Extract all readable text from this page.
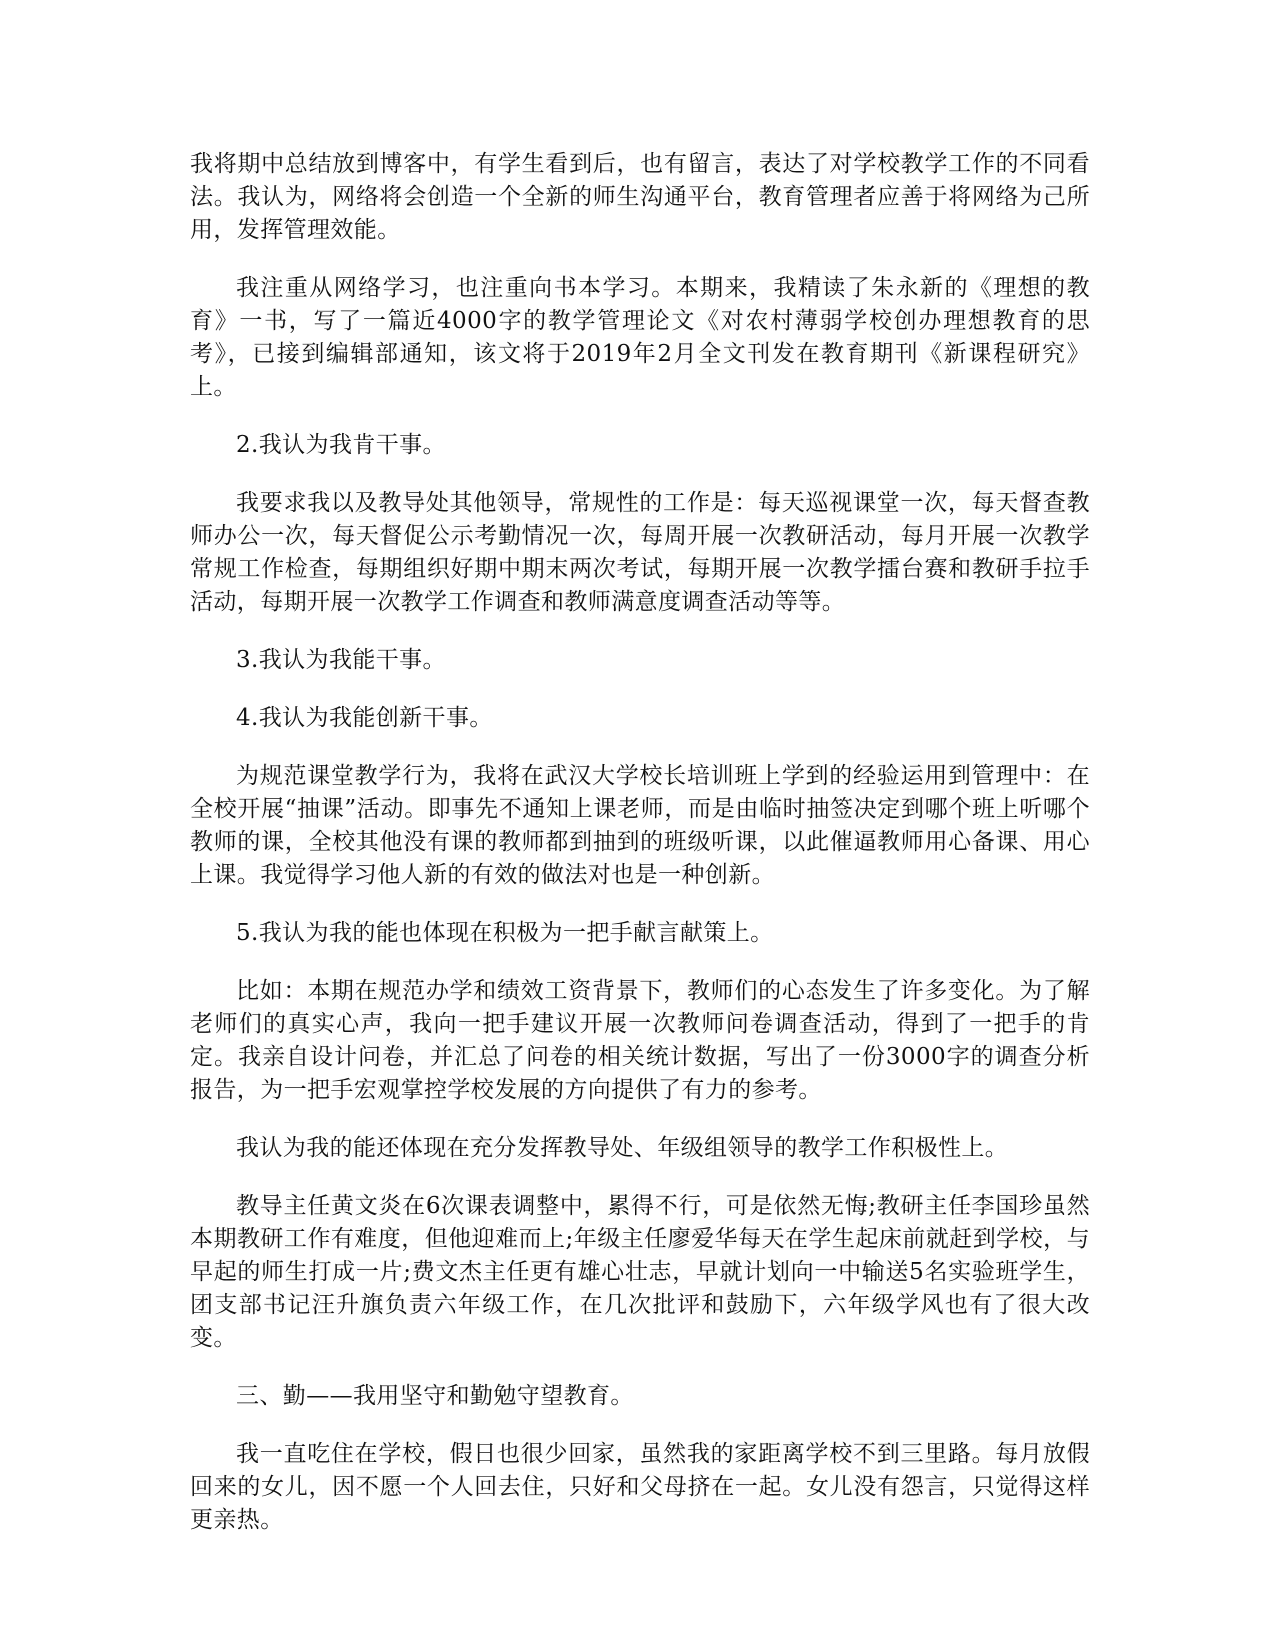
我将期中总结放到博客中，有学生看到后，也有留言，表达了对学校教学工作的不同看法。我认为，网络将会创造一个全新的师生沟通平台，教育管理者应善于将网络为己所用，发挥管理效能。

我注重从网络学习，也注重向书本学习。本期来，我精读了朱永新的《理想的教育》一书，写了一篇近4000字的教学管理论文《对农村薄弱学校创办理想教育的思考》，已接到编辑部通知，该文将于2019年2月全文刊发在教育期刊《新课程研究》上。

2.我认为我肯干事。

我要求我以及教导处其他领导，常规性的工作是：每天巡视课堂一次，每天督查教师办公一次，每天督促公示考勤情况一次，每周开展一次教研活动，每月开展一次教学常规工作检查，每期组织好期中期末两次考试，每期开展一次教学擂台赛和教研手拉手活动，每期开展一次教学工作调查和教师满意度调查活动等等。

3.我认为我能干事。

4.我认为我能创新干事。

为规范课堂教学行为，我将在武汉大学校长培训班上学到的经验运用到管理中：在全校开展“抽课”活动。即事先不通知上课老师，而是由临时抽签决定到哪个班上听哪个教师的课，全校其他没有课的教师都到抽到的班级听课，以此催逼教师用心备课、用心上课。我觉得学习他人新的有效的做法对也是一种创新。

5.我认为我的能也体现在积极为一把手献言献策上。

比如：本期在规范办学和绩效工资背景下，教师们的心态发生了许多变化。为了解老师们的真实心声，我向一把手建议开展一次教师问卷调查活动，得到了一把手的肯定。我亲自设计问卷，并汇总了问卷的相关统计数据，写出了一份3000字的调查分析报告，为一把手宏观掌控学校发展的方向提供了有力的参考。

我认为我的能还体现在充分发挥教导处、年级组领导的教学工作积极性上。

教导主任黄文炎在6次课表调整中，累得不行，可是依然无悔;教研主任李国珍虽然本期教研工作有难度，但他迎难而上;年级主任廖爱华每天在学生起床前就赶到学校，与早起的师生打成一片;费文杰主任更有雄心壮志，早就计划向一中输送5名实验班学生，团支部书记汪升旗负责六年级工作，在几次批评和鼓励下，六年级学风也有了很大改变。

三、勤——我用坚守和勤勉守望教育。

我一直吃住在学校，假日也很少回家，虽然我的家距离学校不到三里路。每月放假回来的女儿，因不愿一个人回去住，只好和父母挤在一起。女儿没有怨言，只觉得这样更亲热。
